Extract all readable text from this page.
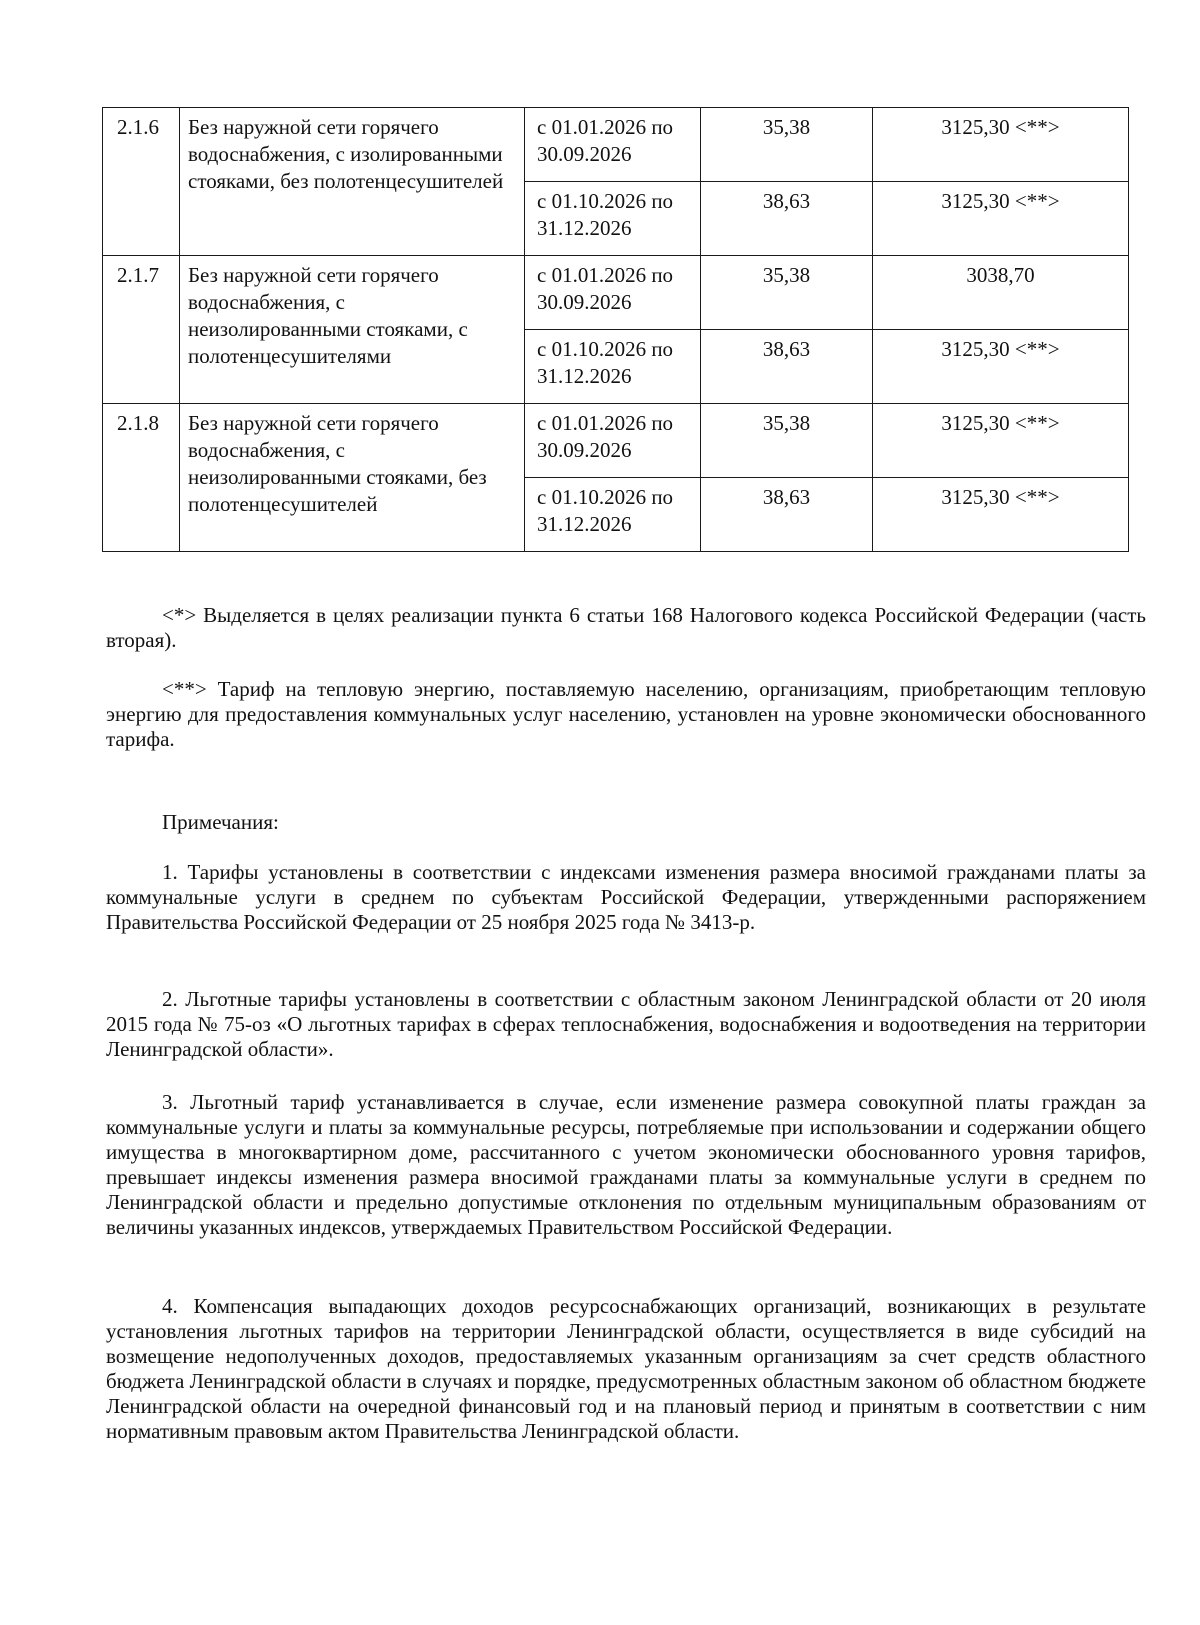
2.1.6	Без наружной сети горячего водоснабжения, с изолированными стояками, без полотенцесушителей	с 01.01.2026 по 30.09.2026	35,38	3125,30 <**>
		с 01.10.2026 по 31.12.2026	38,63	3125,30 <**>
2.1.7	Без наружной сети горячего водоснабжения, с неизолированными стояками, с полотенцесушителями	с 01.01.2026 по 30.09.2026	35,38	3038,70
		с 01.10.2026 по 31.12.2026	38,63	3125,30 <**>
2.1.8	Без наружной сети горячего водоснабжения, с неизолированными стояками, без полотенцесушителей	с 01.01.2026 по 30.09.2026	35,38	3125,30 <**>
		с 01.10.2026 по 31.12.2026	38,63	3125,30 <**>

<*> Выделяется в целях реализации пункта 6 статьи 168 Налогового кодекса Российской Федерации (часть вторая).

<**> Тариф на тепловую энергию, поставляемую населению, организациям, приобретающим тепловую энергию для предоставления коммунальных услуг населению, установлен на уровне экономически обоснованного тарифа.

Примечания:

1. Тарифы установлены в соответствии с индексами изменения размера вносимой гражданами платы за коммунальные услуги в среднем по субъектам Российской Федерации, утвержденными распоряжением Правительства Российской Федерации от 25 ноября 2025 года № 3413-р.

2. Льготные тарифы установлены в соответствии с областным законом Ленинградской области от 20 июля 2015 года № 75-оз «О льготных тарифах в сферах теплоснабжения, водоснабжения и водоотведения на территории Ленинградской области».

3. Льготный тариф устанавливается в случае, если изменение размера совокупной платы граждан за коммунальные услуги и платы за коммунальные ресурсы, потребляемые при использовании и содержании общего имущества в многоквартирном доме, рассчитанного с учетом экономически обоснованного уровня тарифов, превышает индексы изменения размера вносимой гражданами платы за коммунальные услуги в среднем по Ленинградской области и предельно допустимые отклонения по отдельным муниципальным образованиям от величины указанных индексов, утверждаемых Правительством Российской Федерации.

4. Компенсация выпадающих доходов ресурсоснабжающих организаций, возникающих в результате установления льготных тарифов на территории Ленинградской области, осуществляется в виде субсидий на возмещение недополученных доходов, предоставляемых указанным организациям за счет средств областного бюджета Ленинградской области в случаях и порядке, предусмотренных областным законом об областном бюджете Ленинградской области на очередной финансовый год и на плановый период и принятым в соответствии с ним нормативным правовым актом Правительства Ленинградской области.
